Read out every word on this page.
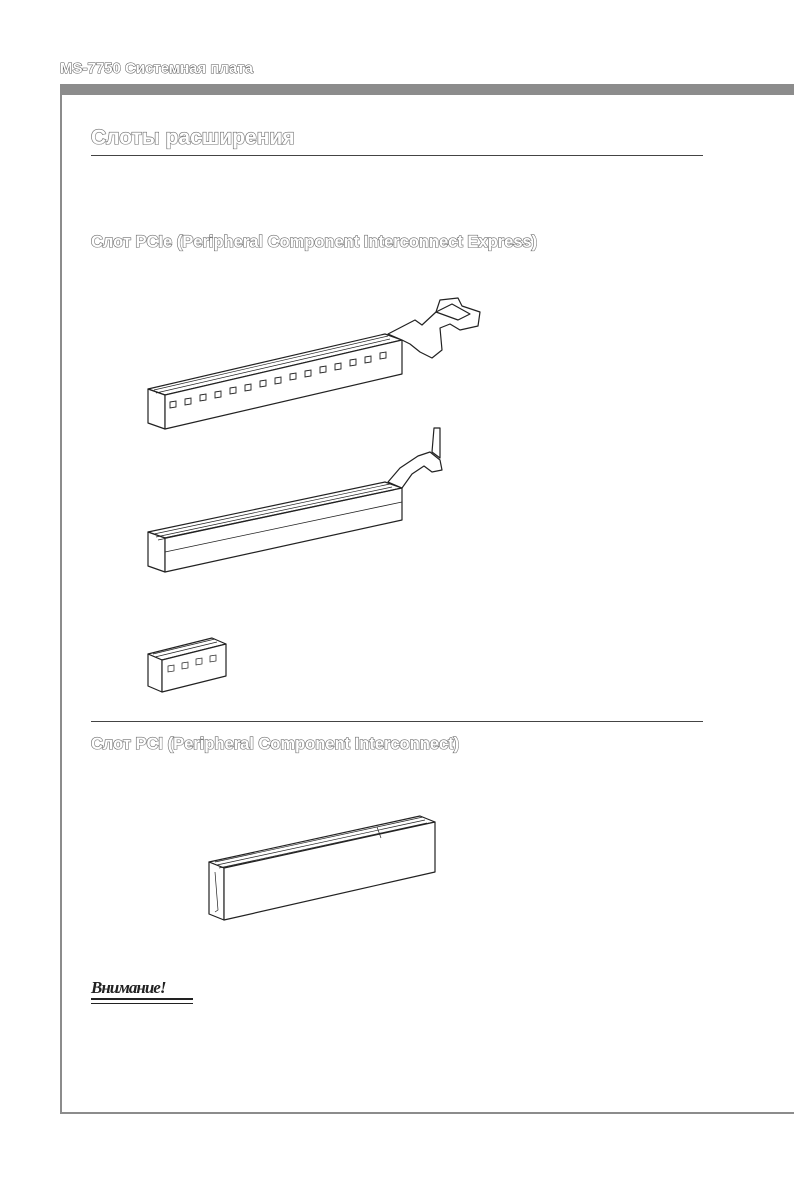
MS-7750 Системная плата
Слоты расширения
Слот PCIe (Peripheral Component Interconnect Express)
Слот PCI (Peripheral Component Interconnect)
Внимание!
